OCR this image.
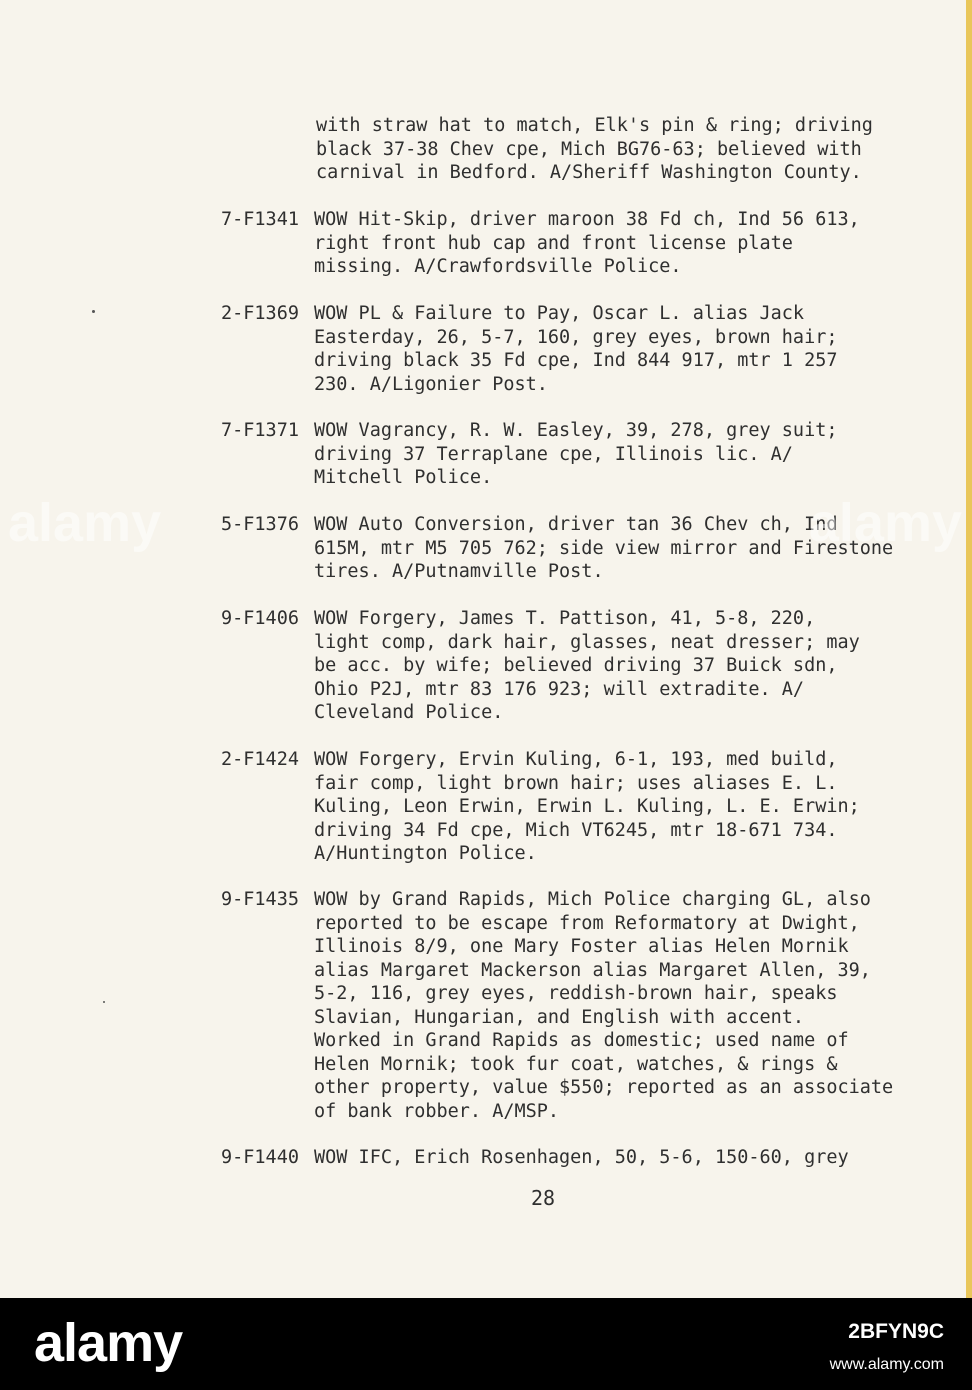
with straw hat to match, Elk's pin & ring; driving
black 37-38 Chev cpe, Mich BG76-63; believed with
carnival in Bedford. A/Sheriff Washington County.
7-F1341 WOW Hit-Skip, driver maroon 38 Fd ch, Ind 56 613,
right front hub cap and front license plate
missing. A/Crawfordsville Police.
2-F1369 WOW PL & Failure to Pay, Oscar L. alias Jack
Easterday, 26, 5-7, 160, grey eyes, brown hair;
driving black 35 Fd cpe, Ind 844 917, mtr 1 257
230. A/Ligonier Post.
7-F1371 WOW Vagrancy, R. W. Easley, 39, 278, grey suit;
driving 37 Terraplane cpe, Illinois lic. A/
Mitchell Police.
5-F1376 WOW Auto Conversion, driver tan 36 Chev ch, Ind
615M, mtr M5 705 762; side view mirror and Firestone
tires. A/Putnamville Post.
9-F1406 WOW Forgery, James T. Pattison, 41, 5-8, 220,
light comp, dark hair, glasses, neat dresser; may
be acc. by wife; believed driving 37 Buick sdn,
Ohio P2J, mtr 83 176 923; will extradite. A/
Cleveland Police.
2-F1424 WOW Forgery, Ervin Kuling, 6-1, 193, med build,
fair comp, light brown hair; uses aliases E. L.
Kuling, Leon Erwin, Erwin L. Kuling, L. E. Erwin;
driving 34 Fd cpe, Mich VT6245, mtr 18-671 734.
A/Huntington Police.
9-F1435 WOW by Grand Rapids, Mich Police charging GL, also
reported to be escape from Reformatory at Dwight,
Illinois 8/9, one Mary Foster alias Helen Mornik
alias Margaret Mackerson alias Margaret Allen, 39,
5-2, 116, grey eyes, reddish-brown hair, speaks
Slavian, Hungarian, and English with accent.
Worked in Grand Rapids as domestic; used name of
Helen Mornik; took fur coat, watches, & rings &
other property, value $550; reported as an associate
of bank robber. A/MSP.
9-F1440 WOW IFC, Erich Rosenhagen, 50, 5-6, 150-60, grey
28
alamy	alamy
alamy	2BFYN9C
www.alamy.com
